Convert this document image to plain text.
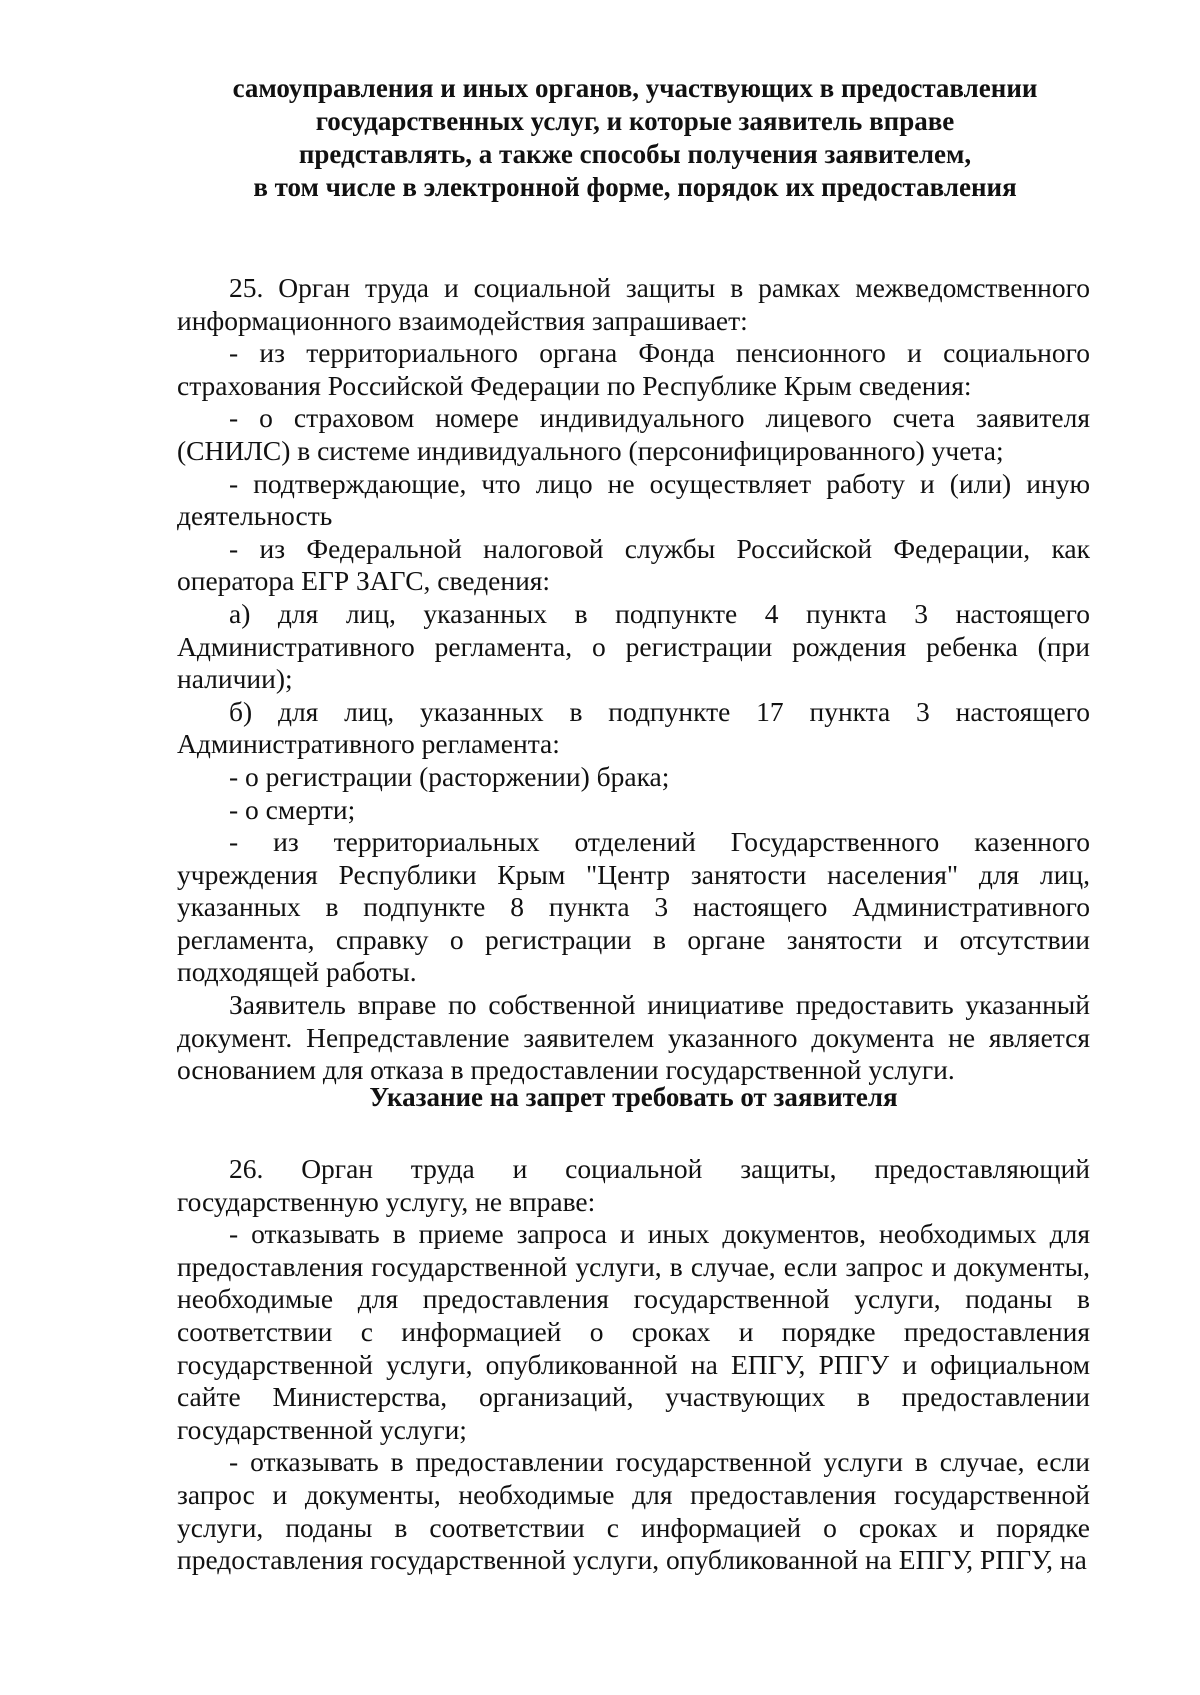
самоуправления и иных органов, участвующих в предоставлении
государственных услуг, и которые заявитель вправе
представлять, а также способы получения заявителем,
в том числе в электронной форме, порядок их предоставления

25. Орган труда и социальной защиты в рамках межведомственного информационного взаимодействия запрашивает:

- из территориального органа Фонда пенсионного и социального страхования Российской Федерации по Республике Крым сведения:

- о страховом номере индивидуального лицевого счета заявителя (СНИЛС) в системе индивидуального (персонифицированного) учета;

- подтверждающие, что лицо не осуществляет работу и (или) иную деятельность

- из Федеральной налоговой службы Российской Федерации, как оператора ЕГР ЗАГС, сведения:

а) для лиц, указанных в подпункте 4 пункта 3 настоящего Административного регламента, о регистрации рождения ребенка (при наличии);

б) для лиц, указанных в подпункте 17 пункта 3 настоящего Административного регламента:

- о регистрации (расторжении) брака;

- о смерти;

- из территориальных отделений Государственного казенного учреждения Республики Крым "Центр занятости населения" для лиц, указанных в подпункте 8 пункта 3 настоящего Административного регламента, справку о регистрации в органе занятости и отсутствии подходящей работы.

Заявитель вправе по собственной инициативе предоставить указанный документ. Непредставление заявителем указанного документа не является основанием для отказа в предоставлении государственной услуги.

Указание на запрет требовать от заявителя

26. Орган труда и социальной защиты, предоставляющий государственную услугу, не вправе:

- отказывать в приеме запроса и иных документов, необходимых для предоставления государственной услуги, в случае, если запрос и документы, необходимые для предоставления государственной услуги, поданы в соответствии с информацией о сроках и порядке предоставления государственной услуги, опубликованной на ЕПГУ, РПГУ и официальном сайте Министерства, организаций, участвующих в предоставлении государственной услуги;

- отказывать в предоставлении государственной услуги в случае, если запрос и документы, необходимые для предоставления государственной услуги, поданы в соответствии с информацией о сроках и порядке предоставления государственной услуги, опубликованной на ЕПГУ, РПГУ, на
